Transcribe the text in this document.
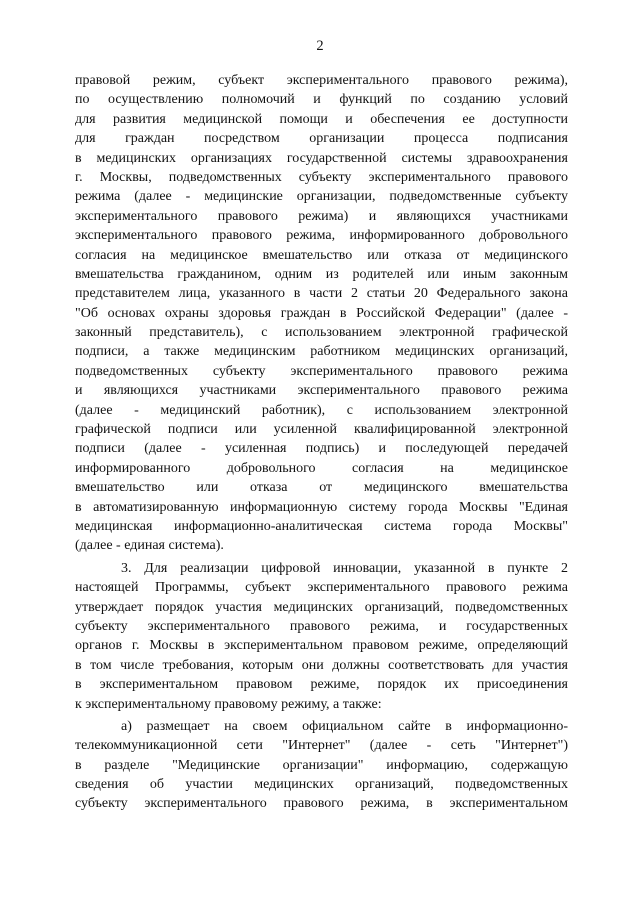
2
правовой режим, субъект экспериментального правового режима),
по осуществлению полномочий и функций по созданию условий
для развития медицинской помощи и обеспечения ее доступности
для граждан посредством организации процесса подписания
в медицинских организациях государственной системы здравоохранения
г. Москвы, подведомственных субъекту экспериментального правового
режима (далее - медицинские организации, подведомственные субъекту
экспериментального правового режима) и являющихся участниками
экспериментального правового режима, информированного добровольного
согласия на медицинское вмешательство или отказа от медицинского
вмешательства гражданином, одним из родителей или иным законным
представителем лица, указанного в части 2 статьи 20 Федерального закона
"Об основах охраны здоровья граждан в Российской Федерации" (далее -
законный представитель), с использованием электронной графической
подписи, а также медицинским работником медицинских организаций,
подведомственных субъекту экспериментального правового режима
и являющихся участниками экспериментального правового режима
(далее - медицинский работник), с использованием электронной
графической подписи или усиленной квалифицированной электронной
подписи (далее - усиленная подпись) и последующей передачей
информированного добровольного согласия на медицинское
вмешательство или отказа от медицинского вмешательства
в автоматизированную информационную систему города Москвы "Единая
медицинская информационно-аналитическая система города Москвы"
(далее - единая система).
3. Для реализации цифровой инновации, указанной в пункте 2
настоящей Программы, субъект экспериментального правового режима
утверждает порядок участия медицинских организаций, подведомственных
субъекту экспериментального правового режима, и государственных
органов г. Москвы в экспериментальном правовом режиме, определяющий
в том числе требования, которым они должны соответствовать для участия
в экспериментальном правовом режиме, порядок их присоединения
к экспериментальному правовому режиму, а также:
а) размещает на своем официальном сайте в информационно-
телекоммуникационной сети "Интернет" (далее - сеть "Интернет")
в разделе "Медицинские организации" информацию, содержащую
сведения об участии медицинских организаций, подведомственных
субъекту экспериментального правового режима, в экспериментальном
